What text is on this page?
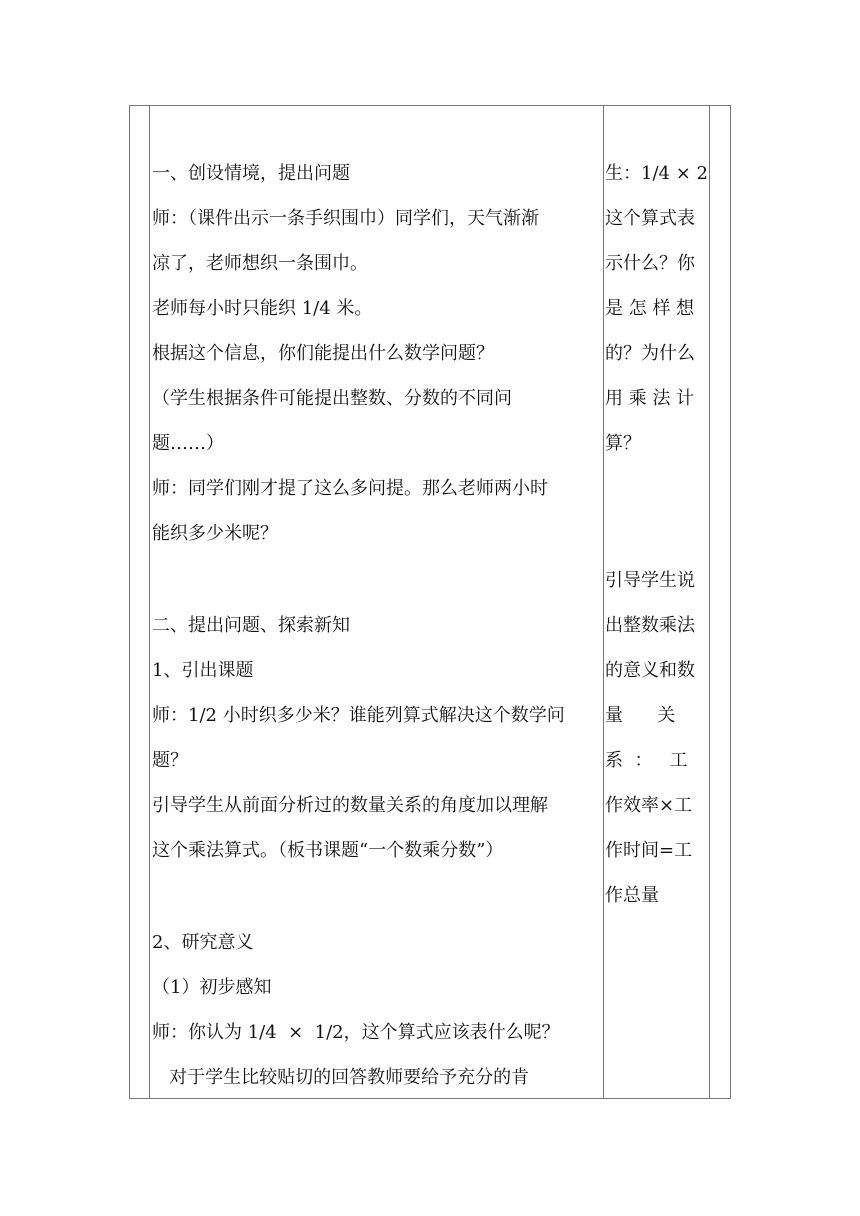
一、创设情境，提出问题
师：（课件出示一条手织围巾）同学们，天气渐渐
凉了，老师想织一条围巾。
老师每小时只能织 1/4 米。
根据这个信息，你们能提出什么数学问题？
（学生根据条件可能提出整数、分数的不同问
题……）
师：同学们刚才提了这么多问提。那么老师两小时
能织多少米呢？
二、提出问题、探索新知
1、引出课题
师：1/2 小时织多少米？谁能列算式解决这个数学问
题？
引导学生从前面分析过的数量关系的角度加以理解
这个乘法算式。（板书课题“一个数乘分数”）
2、研究意义
（1）初步感知
师：你认为 1/4  ×  1/2，这个算式应该表什么呢？
对于学生比较贴切的回答教师要给予充分的肯
生：1/4 × 2
这个算式表
示什么？你
是 怎 样 想
的？为什么
用 乘 法 计
算？
引导学生说
出整数乘法
的意义和数
量      关
系  ：   工
作效率×工
作时间=工
作总量
